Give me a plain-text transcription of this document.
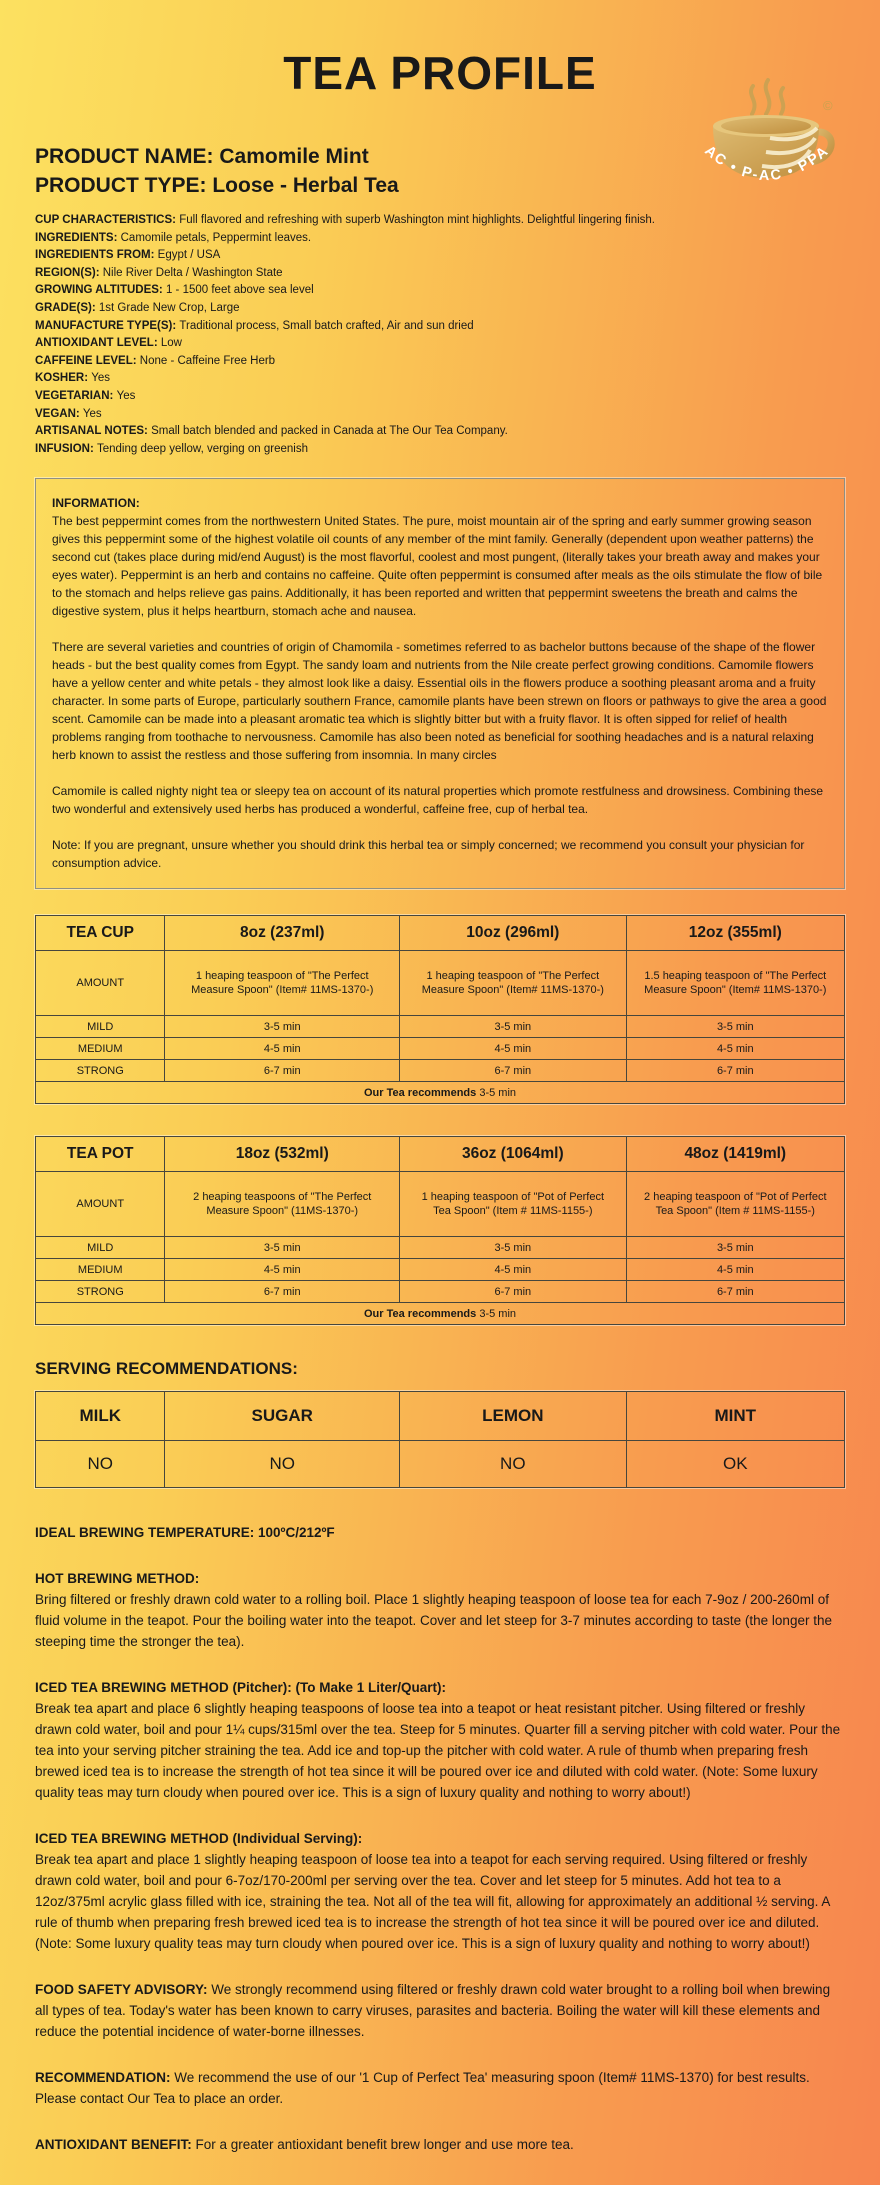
©
AC • P-AC • PPA
TEA PROFILE
PRODUCT NAME: Camomile Mint
PRODUCT TYPE: Loose - Herbal Tea
CUP CHARACTERISTICS: Full flavored and refreshing with superb Washington mint highlights. Delightful lingering finish.
INGREDIENTS: Camomile petals, Peppermint leaves.
INGREDIENTS FROM: Egypt / USA
REGION(S): Nile River Delta / Washington State
GROWING ALTITUDES: 1 - 1500 feet above sea level
GRADE(S): 1st Grade New Crop, Large
MANUFACTURE TYPE(S): Traditional process, Small batch crafted, Air and sun dried
ANTIOXIDANT LEVEL: Low
CAFFEINE LEVEL: None - Caffeine Free Herb
KOSHER: Yes
VEGETARIAN: Yes
VEGAN: Yes
ARTISANAL NOTES: Small batch blended and packed in Canada at The Our Tea Company.
INFUSION: Tending deep yellow, verging on greenish
INFORMATION:

The best peppermint comes from the northwestern United States. The pure, moist mountain air of the spring and early summer growing season gives this peppermint some of the highest volatile oil counts of any member of the mint family. Generally (dependent upon weather patterns) the second cut (takes place during mid/end August) is the most flavorful, coolest and most pungent, (literally takes your breath away and makes your eyes water). Peppermint is an herb and contains no caffeine. Quite often peppermint is consumed after meals as the oils stimulate the flow of bile to the stomach and helps relieve gas pains. Additionally, it has been reported and written that peppermint sweetens the breath and calms the digestive system, plus it helps heartburn, stomach ache and nausea.

There are several varieties and countries of origin of Chamomila - sometimes referred to as bachelor buttons because of the shape of the flower heads - but the best quality comes from Egypt. The sandy loam and nutrients from the Nile create perfect growing conditions. Camomile flowers have a yellow center and white petals - they almost look like a daisy. Essential oils in the flowers produce a soothing pleasant aroma and a fruity character. In some parts of Europe, particularly southern France, camomile plants have been strewn on floors or pathways to give the area a good scent. Camomile can be made into a pleasant aromatic tea which is slightly bitter but with a fruity flavor. It is often sipped for relief of health problems ranging from toothache to nervousness. Camomile has also been noted as beneficial for soothing headaches and is a natural relaxing herb known to assist the restless and those suffering from insomnia. In many circles

Camomile is called nighty night tea or sleepy tea on account of its natural properties which promote restfulness and drowsiness. Combining these two wonderful and extensively used herbs has produced a wonderful, caffeine free, cup of herbal tea.

Note: If you are pregnant, unsure whether you should drink this herbal tea or simply concerned; we recommend you consult your physician for consumption advice.

TEA CUP	8oz (237ml)	10oz (296ml)	12oz (355ml)
AMOUNT	1 heaping teaspoon of "The Perfect Measure Spoon" (Item# 11MS-1370-)	1 heaping teaspoon of "The Perfect Measure Spoon" (Item# 11MS-1370-)	1.5 heaping teaspoon of "The Perfect Measure Spoon" (Item# 11MS-1370-)
MILD	3-5 min	3-5 min	3-5 min
MEDIUM	4-5 min	4-5 min	4-5 min
STRONG	6-7 min	6-7 min	6-7 min
Our Tea recommends 3-5 min			
TEA POT	18oz (532ml)	36oz (1064ml)	48oz (1419ml)
AMOUNT	2 heaping teaspoons of "The Perfect Measure Spoon" (11MS-1370-)	1 heaping teaspoon of "Pot of Perfect Tea Spoon" (Item # 11MS-1155-)	2 heaping teaspoon of "Pot of Perfect Tea Spoon" (Item # 11MS-1155-)
MILD	3-5 min	3-5 min	3-5 min
MEDIUM	4-5 min	4-5 min	4-5 min
STRONG	6-7 min	6-7 min	6-7 min
Our Tea recommends 3-5 min			
SERVING RECOMMENDATIONS:
MILK	SUGAR	LEMON	MINT
NO	NO	NO	OK
IDEAL BREWING TEMPERATURE: 100ºC/212ºF
HOT BREWING METHOD:

Bring filtered or freshly drawn cold water to a rolling boil. Place 1 slightly heaping teaspoon of loose tea for each 7-9oz / 200-260ml of fluid volume in the teapot. Pour the boiling water into the teapot. Cover and let steep for 3-7 minutes according to taste (the longer the steeping time the stronger the tea).

ICED TEA BREWING METHOD (Pitcher): (To Make 1 Liter/Quart):

Break tea apart and place 6 slightly heaping teaspoons of loose tea into a teapot or heat resistant pitcher. Using filtered or freshly drawn cold water, boil and pour 1¼ cups/315ml over the tea. Steep for 5 minutes. Quarter fill a serving pitcher with cold water. Pour the tea into your serving pitcher straining the tea. Add ice and top-up the pitcher with cold water. A rule of thumb when preparing fresh brewed iced tea is to increase the strength of hot tea since it will be poured over ice and diluted with cold water. (Note: Some luxury quality teas may turn cloudy when poured over ice. This is a sign of luxury quality and nothing to worry about!)

ICED TEA BREWING METHOD (Individual Serving):

Break tea apart and place 1 slightly heaping teaspoon of loose tea into a teapot for each serving required. Using filtered or freshly drawn cold water, boil and pour 6-7oz/170-200ml per serving over the tea. Cover and let steep for 5 minutes. Add hot tea to a 12oz/375ml acrylic glass filled with ice, straining the tea. Not all of the tea will fit, allowing for approximately an additional ½ serving. A rule of thumb when preparing fresh brewed iced tea is to increase the strength of hot tea since it will be poured over ice and diluted. (Note: Some luxury quality teas may turn cloudy when poured over ice. This is a sign of luxury quality and nothing to worry about!)

FOOD SAFETY ADVISORY: We strongly recommend using filtered or freshly drawn cold water brought to a rolling boil when brewing all types of tea. Today's water has been known to carry viruses, parasites and bacteria. Boiling the water will kill these elements and reduce the potential incidence of water-borne illnesses.
RECOMMENDATION: We recommend the use of our '1 Cup of Perfect Tea' measuring spoon (Item# 11MS-1370) for best results. Please contact Our Tea to place an order.
ANTIOXIDANT BENEFIT: For a greater antioxidant benefit brew longer and use more tea.
